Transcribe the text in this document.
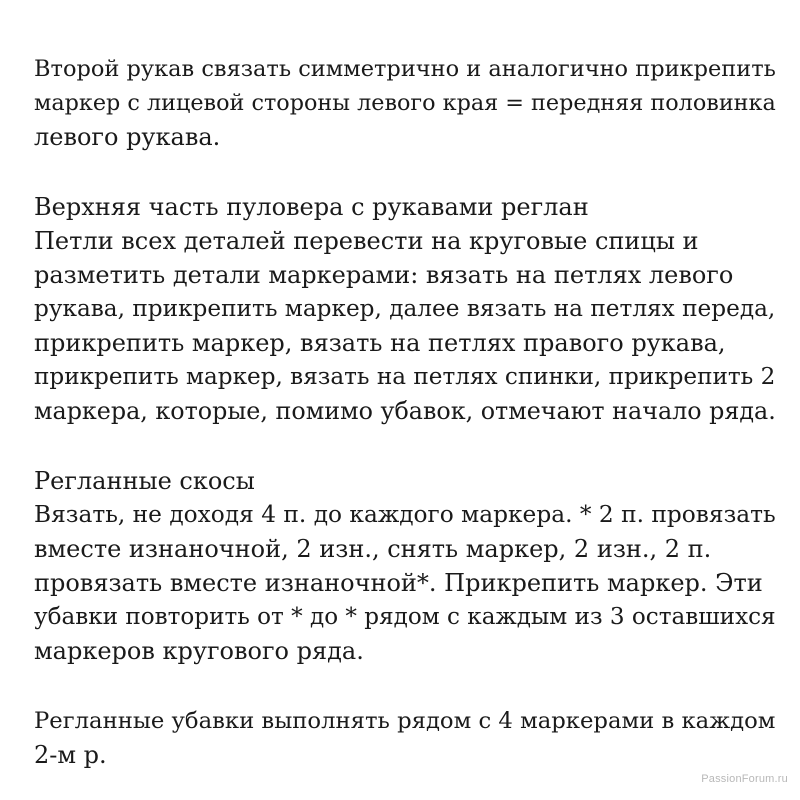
Второй рукав связать симметрично и аналогично прикрепить
маркер с лицевой стороны левого края = передняя половинка
левого рукава.
Верхняя часть пуловера с рукавами реглан
Петли всех деталей перевести на круговые спицы и
разметить детали маркерами: вязать на петлях левого
рукава, прикрепить маркер, далее вязать на петлях переда,
прикрепить маркер, вязать на петлях правого рукава,
прикрепить маркер, вязать на петлях спинки, прикрепить 2
маркера, которые, помимо убавок, отмечают начало ряда.
Регланные скосы
Вязать, не доходя 4 п. до каждого маркера. * 2 п. провязать
вместе изнаночной, 2 изн., снять маркер, 2 изн., 2 п.
провязать вместе изнаночной*. Прикрепить маркер. Эти
убавки повторить от * до * рядом с каждым из 3 оставшихся
маркеров кругового ряда.
Регланные убавки выполнять рядом с 4 маркерами в каждом
2-м р.
PassionForum.ru
